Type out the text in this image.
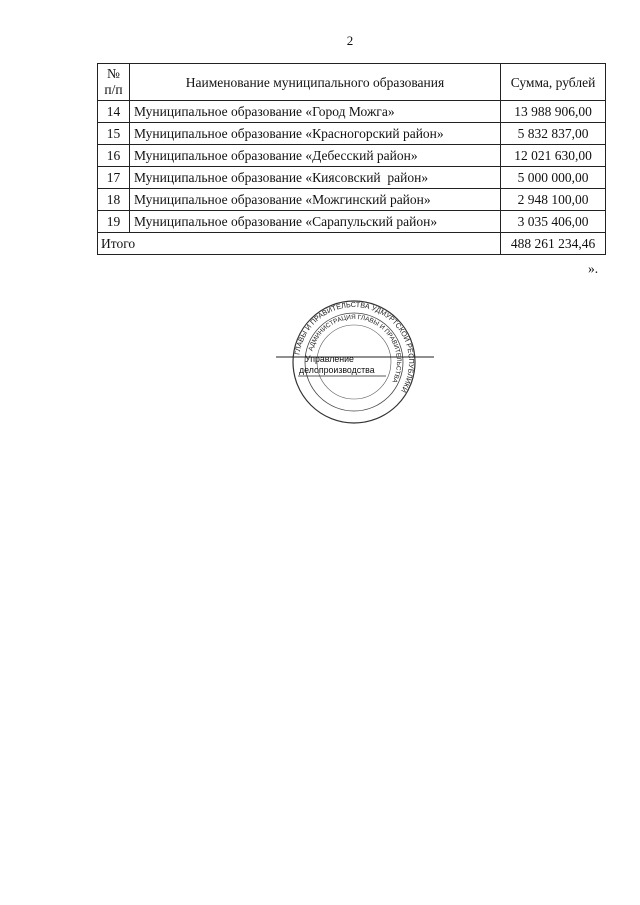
2
№ п/п	Наименование муниципального образования	Сумма, рублей
14	Муниципальное образование «Город Можга»	13 988 906,00
15	Муниципальное образование «Красногорский район»	5 832 837,00
16	Муниципальное образование «Дебесский район»	12 021 630,00
17	Муниципальное образование «Киясовский  район»	5 000 000,00
18	Муниципальное образование «Можгинский район»	2 948 100,00
19	Муниципальное образование «Сарапульский район»	3 035 406,00
Итого		488 261 234,46
».
ГЛАВЫ И ПРАВИТЕЛЬСТВА УДМУРТСКОЙ РЕСПУБЛИКИ
АДМИНИСТРАЦИЯ ГЛАВЫ И ПРАВИТЕЛЬСТВА
Управление
делопроизводства
